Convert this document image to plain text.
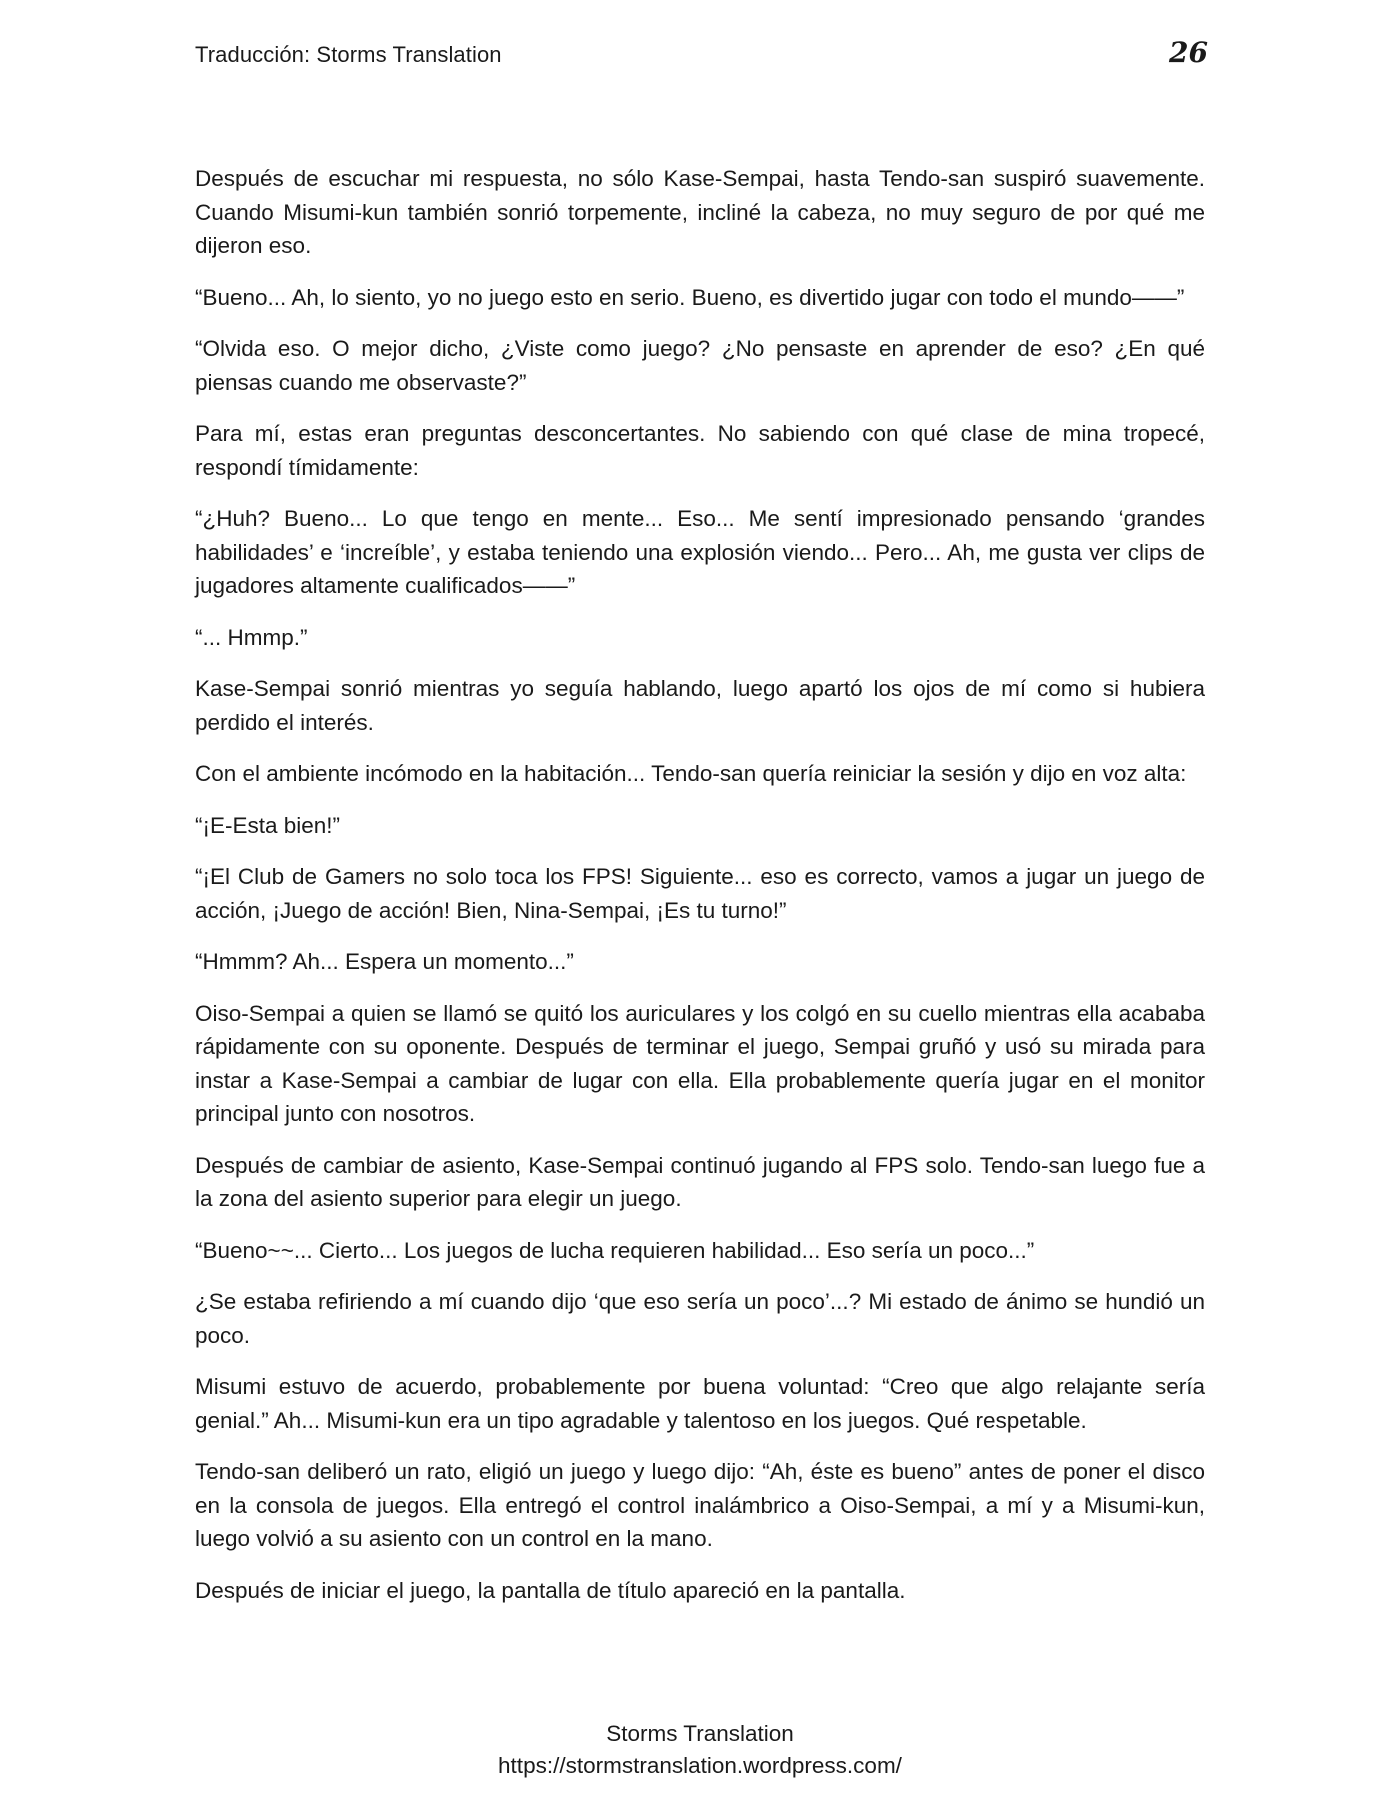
Traducción: Storms Translation	26

Después de escuchar mi respuesta, no sólo Kase-Sempai, hasta Tendo-san suspiró suavemente. Cuando Misumi-kun también sonrió torpemente, incliné la cabeza, no muy seguro de por qué me dijeron eso.

“Bueno... Ah, lo siento, yo no juego esto en serio. Bueno, es divertido jugar con todo el mundo——”

“Olvida eso. O mejor dicho, ¿Viste como juego? ¿No pensaste en aprender de eso? ¿En qué piensas cuando me observaste?”

Para mí, estas eran preguntas desconcertantes. No sabiendo con qué clase de mina tropecé, respondí tímidamente:

“¿Huh? Bueno... Lo que tengo en mente... Eso... Me sentí impresionado pensando ‘grandes habilidades’ e ‘increíble’, y estaba teniendo una explosión viendo... Pero... Ah, me gusta ver clips de jugadores altamente cualificados——”

“... Hmmp.”

Kase-Sempai sonrió mientras yo seguía hablando, luego apartó los ojos de mí como si hubiera perdido el interés.

Con el ambiente incómodo en la habitación... Tendo-san quería reiniciar la sesión y dijo en voz alta:

“¡E-Esta bien!”

“¡El Club de Gamers no solo toca los FPS! Siguiente... eso es correcto, vamos a jugar un juego de acción, ¡Juego de acción! Bien, Nina-Sempai, ¡Es tu turno!”

“Hmmm? Ah... Espera un momento...”

Oiso-Sempai a quien se llamó se quitó los auriculares y los colgó en su cuello mientras ella acababa rápidamente con su oponente. Después de terminar el juego, Sempai gruñó y usó su mirada para instar a Kase-Sempai a cambiar de lugar con ella. Ella probablemente quería jugar en el monitor principal junto con nosotros.

Después de cambiar de asiento, Kase-Sempai continuó jugando al FPS solo. Tendo-san luego fue a la zona del asiento superior para elegir un juego.

“Bueno~~... Cierto... Los juegos de lucha requieren habilidad... Eso sería un poco...”

¿Se estaba refiriendo a mí cuando dijo ‘que eso sería un poco’...? Mi estado de ánimo se hundió un poco.

Misumi estuvo de acuerdo, probablemente por buena voluntad: “Creo que algo relajante sería genial.” Ah... Misumi-kun era un tipo agradable y talentoso en los juegos. Qué respetable.

Tendo-san deliberó un rato, eligió un juego y luego dijo: “Ah, éste es bueno” antes de poner el disco en la consola de juegos. Ella entregó el control inalámbrico a Oiso-Sempai, a mí y a Misumi-kun, luego volvió a su asiento con un control en la mano.

Después de iniciar el juego, la pantalla de título apareció en la pantalla.

Storms Translation
https://stormstranslation.wordpress.com/
